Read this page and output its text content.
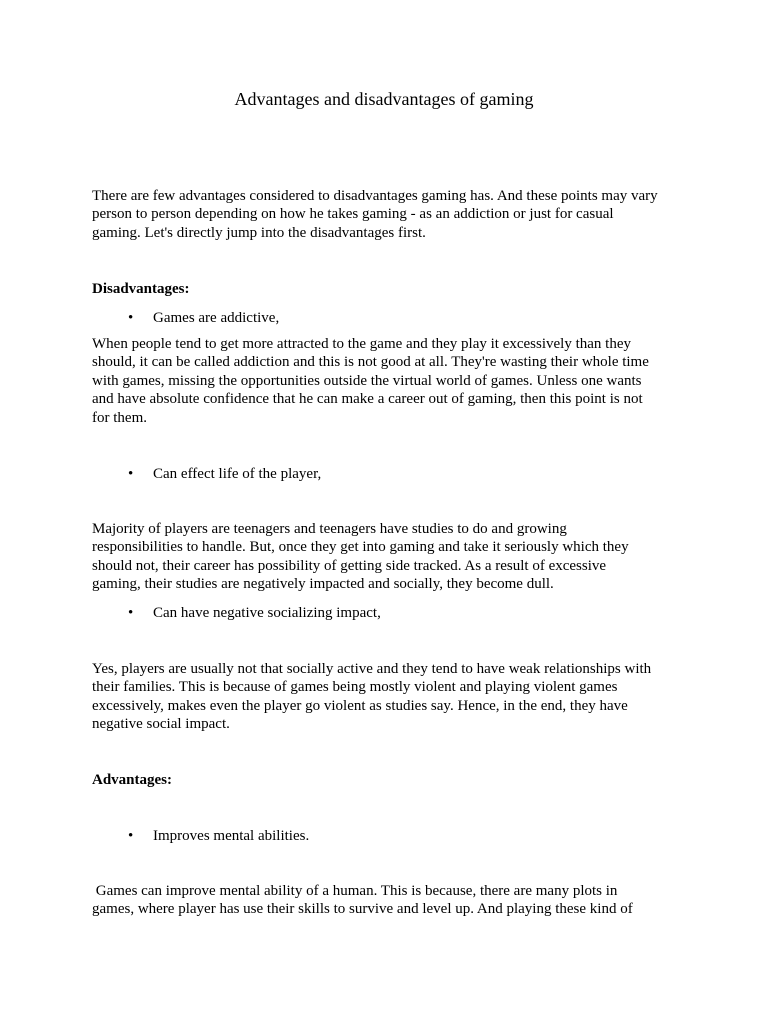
Advantages and disadvantages of gaming
There are few advantages considered to disadvantages gaming has. And these points may vary
person to person depending on how he takes gaming - as an addiction or just for casual
gaming. Let's directly jump into the disadvantages first.
Disadvantages:
• Games are addictive,
When people tend to get more attracted to the game and they play it excessively than they
should, it can be called addiction and this is not good at all. They're wasting their whole time
with games, missing the opportunities outside the virtual world of games. Unless one wants
and have absolute confidence that he can make a career out of gaming, then this point is not
for them.
• Can effect life of the player,
Majority of players are teenagers and teenagers have studies to do and growing
responsibilities to handle. But, once they get into gaming and take it seriously which they
should not, their career has possibility of getting side tracked. As a result of excessive
gaming, their studies are negatively impacted and socially, they become dull.
• Can have negative socializing impact,
Yes, players are usually not that socially active and they tend to have weak relationships with
their families. This is because of games being mostly violent and playing violent games
excessively, makes even the player go violent as studies say. Hence, in the end, they have
negative social impact.
Advantages:
• Improves mental abilities.
Games can improve mental ability of a human. This is because, there are many plots in
games, where player has use their skills to survive and level up. And playing these kind of
